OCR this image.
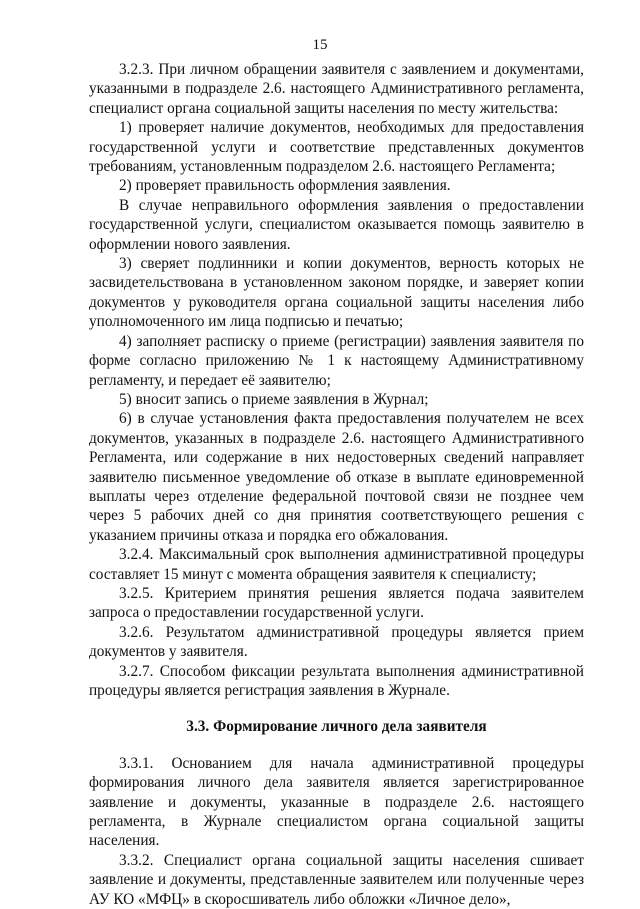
15

3.2.3. При личном обращении заявителя с заявлением и документами, указанными в подразделе 2.6. настоящего Административного регламента, специалист органа социальной защиты населения по месту жительства:

1) проверяет наличие документов, необходимых для предоставления государственной услуги и соответствие представленных документов требованиям, установленным подразделом 2.6. настоящего Регламента;

2) проверяет правильность оформления заявления.

В случае неправильного оформления заявления о предоставлении государственной услуги, специалистом оказывается помощь заявителю в оформлении нового заявления.

3) сверяет подлинники и копии документов, верность которых не засвидетельствована в установленном законом порядке, и заверяет копии документов у руководителя органа социальной защиты населения либо уполномоченного им лица подписью и печатью;

4) заполняет расписку о приеме (регистрации) заявления заявителя по форме согласно приложению № 1 к настоящему Административному регламенту, и передает её заявителю;

5) вносит запись о приеме заявления в Журнал;

6) в случае установления факта предоставления получателем не всех документов, указанных в подразделе 2.6. настоящего Административного Регламента, или содержание в них недостоверных сведений направляет заявителю письменное уведомление об отказе в выплате единовременной выплаты через отделение федеральной почтовой связи не позднее чем через 5 рабочих дней со дня принятия соответствующего решения с указанием причины отказа и порядка его обжалования.

3.2.4. Максимальный срок выполнения административной процедуры составляет 15 минут с момента обращения заявителя к специалисту;

3.2.5. Критерием принятия решения является подача заявителем запроса о предоставлении государственной услуги.

3.2.6. Результатом административной процедуры является прием документов у заявителя.

3.2.7. Способом фиксации результата выполнения административной процедуры является регистрация заявления в Журнале.

3.3. Формирование личного дела заявителя

3.3.1. Основанием для начала административной процедуры формирования личного дела заявителя является зарегистрированное заявление и документы, указанные в подразделе 2.6. настоящего регламента, в Журнале специалистом органа социальной защиты населения.

3.3.2. Специалист органа социальной защиты населения сшивает заявление и документы, представленные заявителем или полученные через АУ КО «МФЦ» в скоросшиватель либо обложки «Личное дело»,
